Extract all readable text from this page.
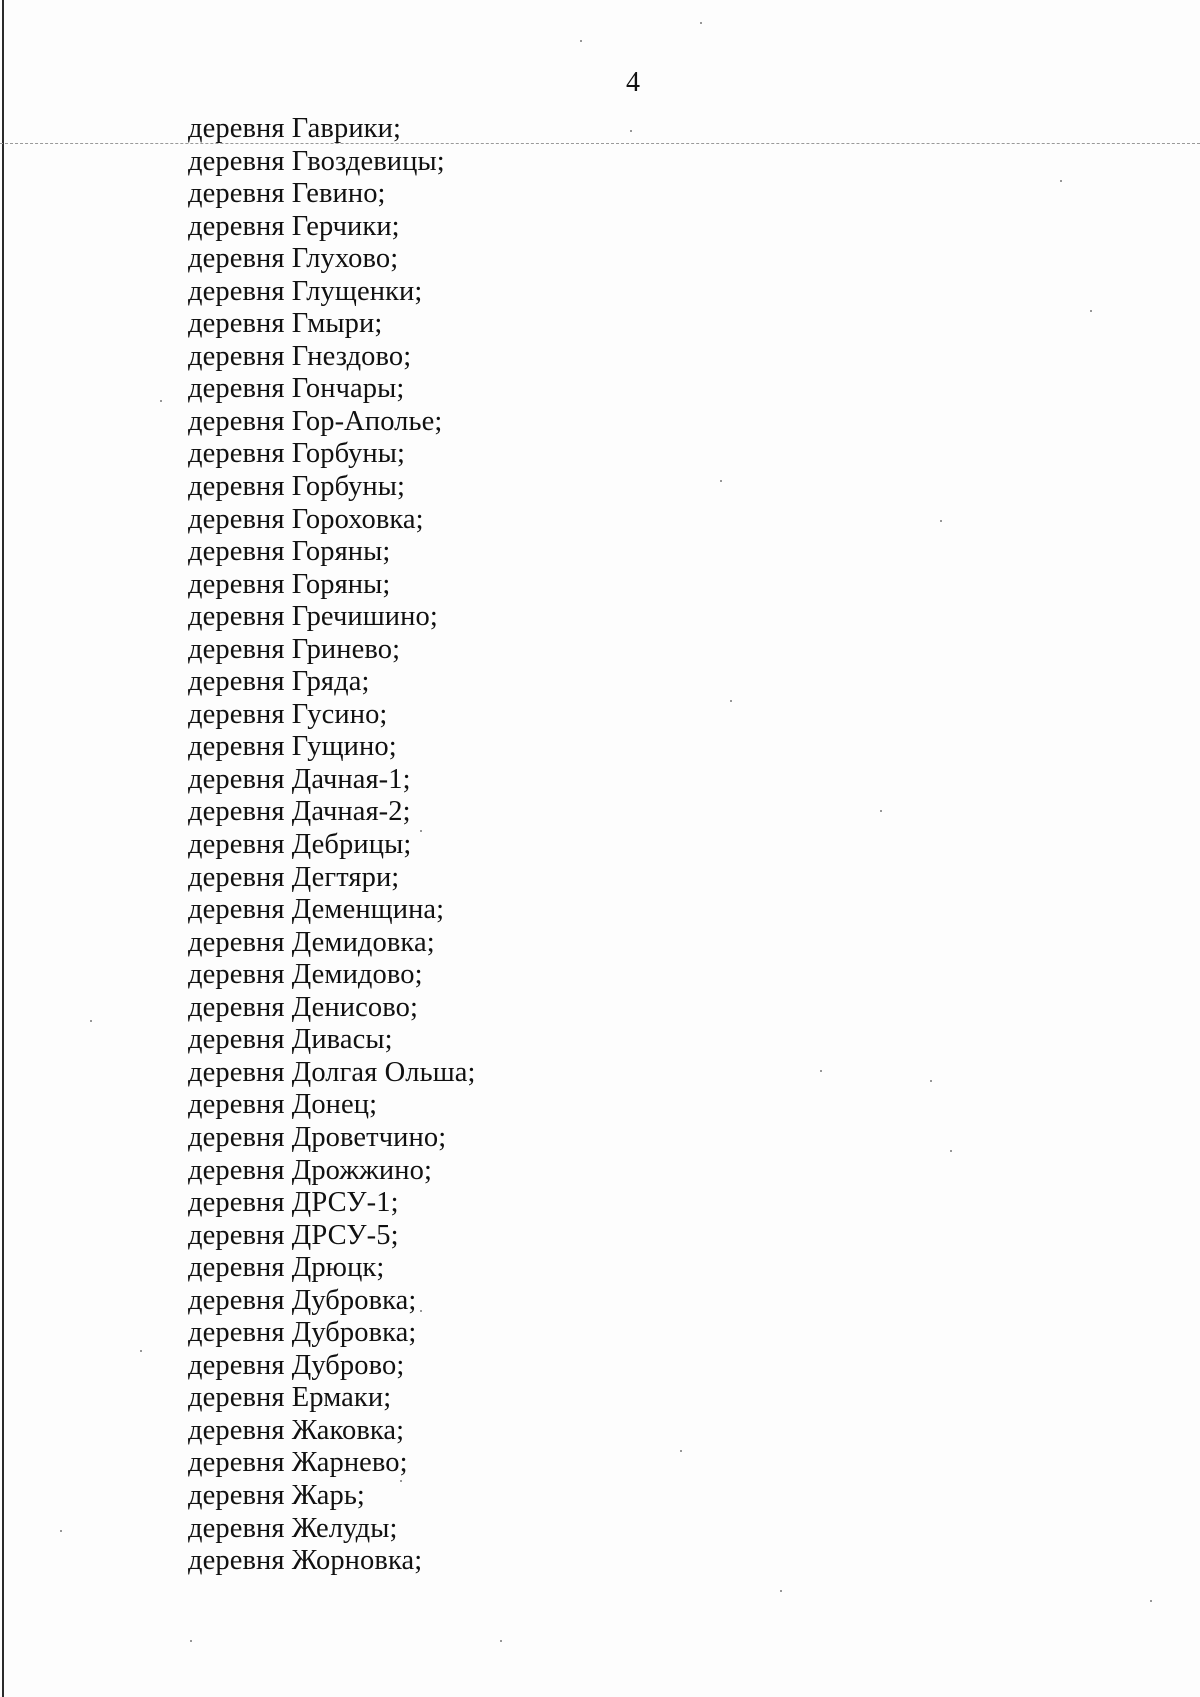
4
деревня Гаврики;
деревня Гвоздевицы;
деревня Гевино;
деревня Герчики;
деревня Глухово;
деревня Глущенки;
деревня Гмыри;
деревня Гнездово;
деревня Гончары;
деревня Гор-Аполье;
деревня Горбуны;
деревня Горбуны;
деревня Гороховка;
деревня Горяны;
деревня Горяны;
деревня Гречишино;
деревня Гринево;
деревня Гряда;
деревня Гусино;
деревня Гущино;
деревня Дачная-1;
деревня Дачная-2;
деревня Дебрицы;
деревня Дегтяри;
деревня Деменщина;
деревня Демидовка;
деревня Демидово;
деревня Денисово;
деревня Дивасы;
деревня Долгая Ольша;
деревня Донец;
деревня Дроветчино;
деревня Дрожжино;
деревня ДРСУ-1;
деревня ДРСУ-5;
деревня Дрюцк;
деревня Дубровка;
деревня Дубровка;
деревня Дуброво;
деревня Ермаки;
деревня Жаковка;
деревня Жарнево;
деревня Жарь;
деревня Желуды;
деревня Жорновка;
